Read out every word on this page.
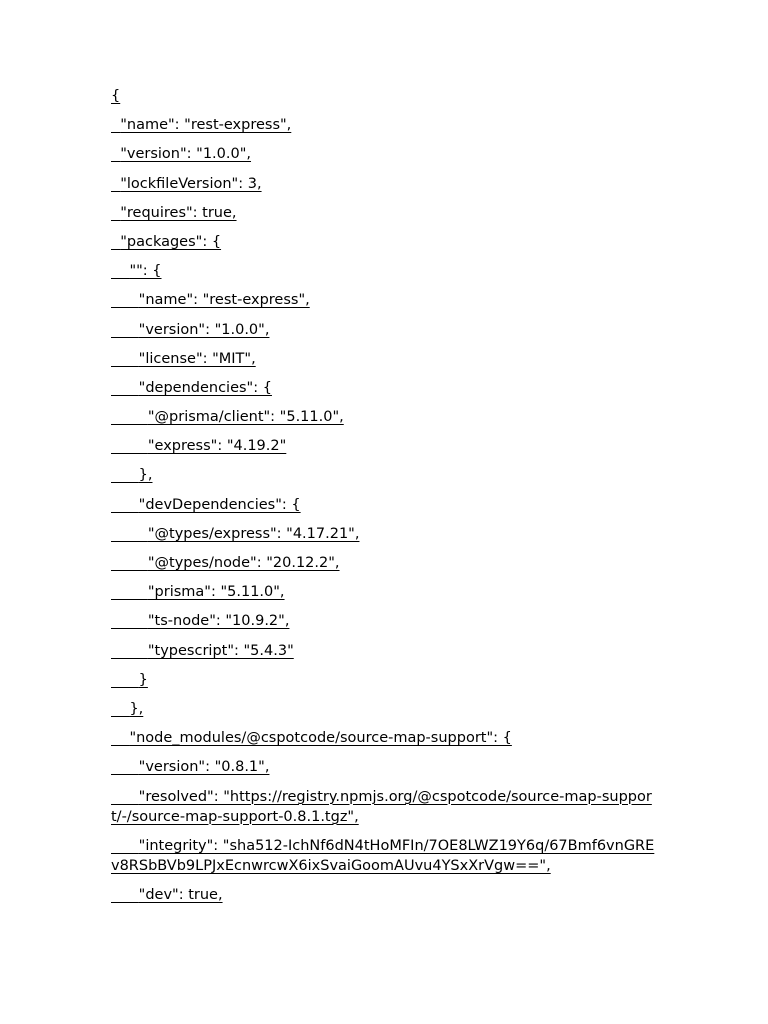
{
"name": "rest-express",
"version": "1.0.0",
"lockfileVersion": 3,
"requires": true,
"packages": {
"": {
"name": "rest-express",
"version": "1.0.0",
"license": "MIT",
"dependencies": {
"@prisma/client": "5.11.0",
"express": "4.19.2"
},
"devDependencies": {
"@types/express": "4.17.21",
"@types/node": "20.12.2",
"prisma": "5.11.0",
"ts-node": "10.9.2",
"typescript": "5.4.3"
}
},
"node_modules/@cspotcode/source-map-support": {
"version": "0.8.1",
"resolved": "https://registry.npmjs.org/@cspotcode/source-map-support/-/source-map-support-0.8.1.tgz",
"integrity": "sha512-IchNf6dN4tHoMFIn/7OE8LWZ19Y6q/67Bmf6vnGREv8RSbBVb9LPJxEcnwrcwX6ixSvaiGoomAUvu4YSxXrVgw==",
"dev": true,
